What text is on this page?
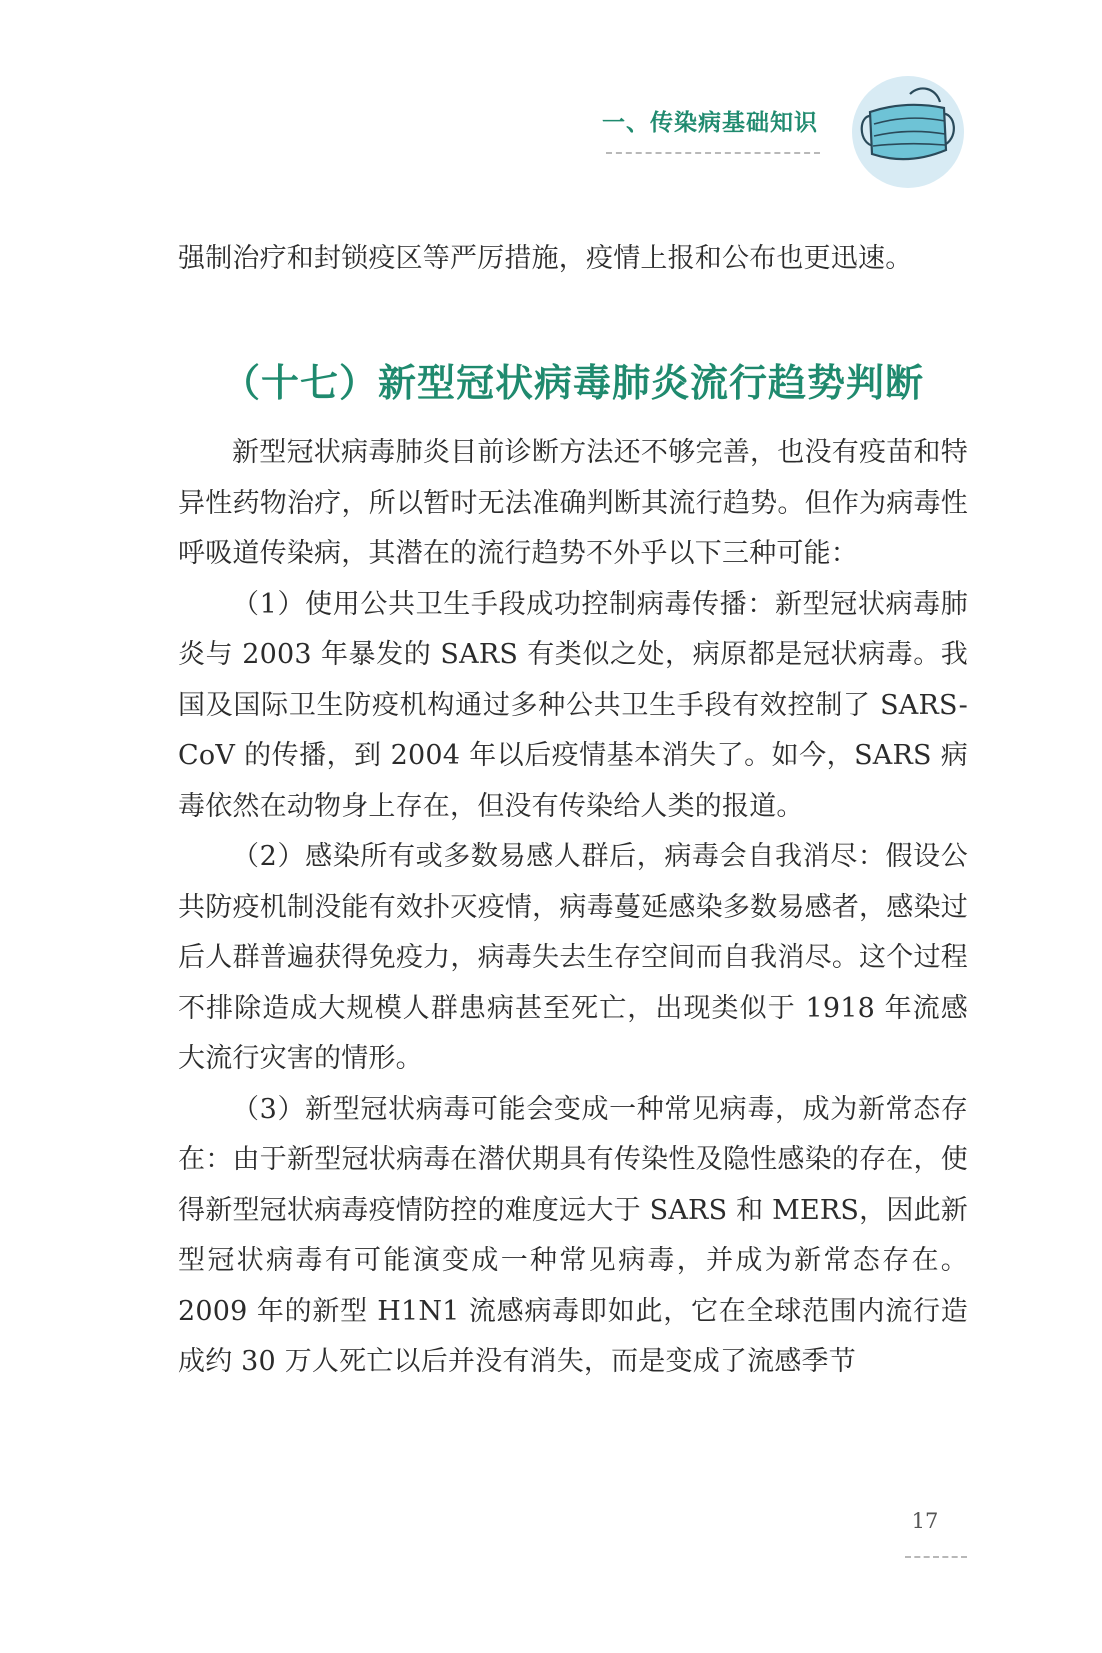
一、传染病基础知识

强制治疗和封锁疫区等严厉措施，疫情上报和公布也更迅速。

（十七）新型冠状病毒肺炎流行趋势判断

新型冠状病毒肺炎目前诊断方法还不够完善，也没有疫苗和特异性药物治疗，所以暂时无法准确判断其流行趋势。但作为病毒性呼吸道传染病，其潜在的流行趋势不外乎以下三种可能：

（1）使用公共卫生手段成功控制病毒传播：新型冠状病毒肺炎与 2003 年暴发的 SARS 有类似之处，病原都是冠状病毒。我国及国际卫生防疫机构通过多种公共卫生手段有效控制了 SARS-CoV 的传播，到 2004 年以后疫情基本消失了。如今，SARS 病毒依然在动物身上存在，但没有传染给人类的报道。

（2）感染所有或多数易感人群后，病毒会自我消尽：假设公共防疫机制没能有效扑灭疫情，病毒蔓延感染多数易感者，感染过后人群普遍获得免疫力，病毒失去生存空间而自我消尽。这个过程不排除造成大规模人群患病甚至死亡，出现类似于 1918 年流感大流行灾害的情形。

（3）新型冠状病毒可能会变成一种常见病毒，成为新常态存在：由于新型冠状病毒在潜伏期具有传染性及隐性感染的存在，使得新型冠状病毒疫情防控的难度远大于 SARS 和 MERS，因此新型冠状病毒有可能演变成一种常见病毒，并成为新常态存在。2009 年的新型 H1N1 流感病毒即如此，它在全球范围内流行造成约 30 万人死亡以后并没有消失，而是变成了流感季节

17
